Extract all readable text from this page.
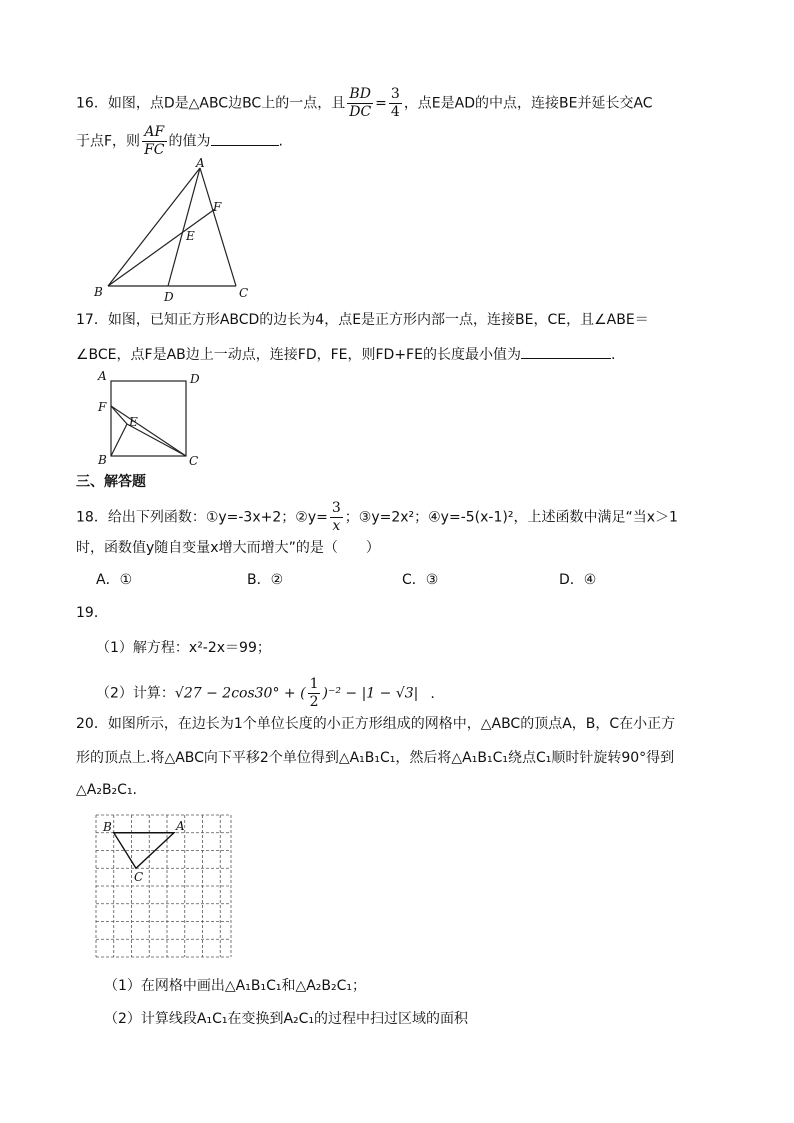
16．如图，点D是△ABC边BC上的一点，且 $\frac{BD}{DC} = \frac{3}{4}$ ，点E是AD的中点，连接BE并延长交AC
于点F，则 $\frac{AF}{FC}$ 的值为	.
A
B	C
D
E
F
17．如图，已知正方形ABCD的边长为4，点E是正方形内部一点，连接BE，CE，且∠ABE＝
∠BCE，点F是AB边上一动点，连接FD，FE，则FD+FE的长度最小值为	.
A	D
F
E
B	C
三、解答题
18．给出下列函数：①y=-3x+2；②y= $\frac{3}{x}$ ；③y=2x²；④y=-5(x-1)²，上述函数中满足“当x＞1
时，函数值y随自变量x增大而增大”的是（　　）
A．①	B．②	C．③	D．④
19．
（1）解方程：x²-2x＝99；
（2）计算：√27 − 2cos30° + ( $\frac{1}{2} )^{-2} - |1 - √3|$ .
20．如图所示，在边长为1个单位长度的小正方形组成的网格中，△ABC的顶点A，B，C在小正方
形的顶点上.将△ABC向下平移2个单位得到△A₁B₁C₁，然后将△A₁B₁C₁绕点C₁顺时针旋转90°得到
△A₂B₂C₁.
B	A
C
（1）在网格中画出△A₁B₁C₁和△A₂B₂C₁；
（2）计算线段A₁C₁在变换到A₂C₁的过程中扫过区域的面积
